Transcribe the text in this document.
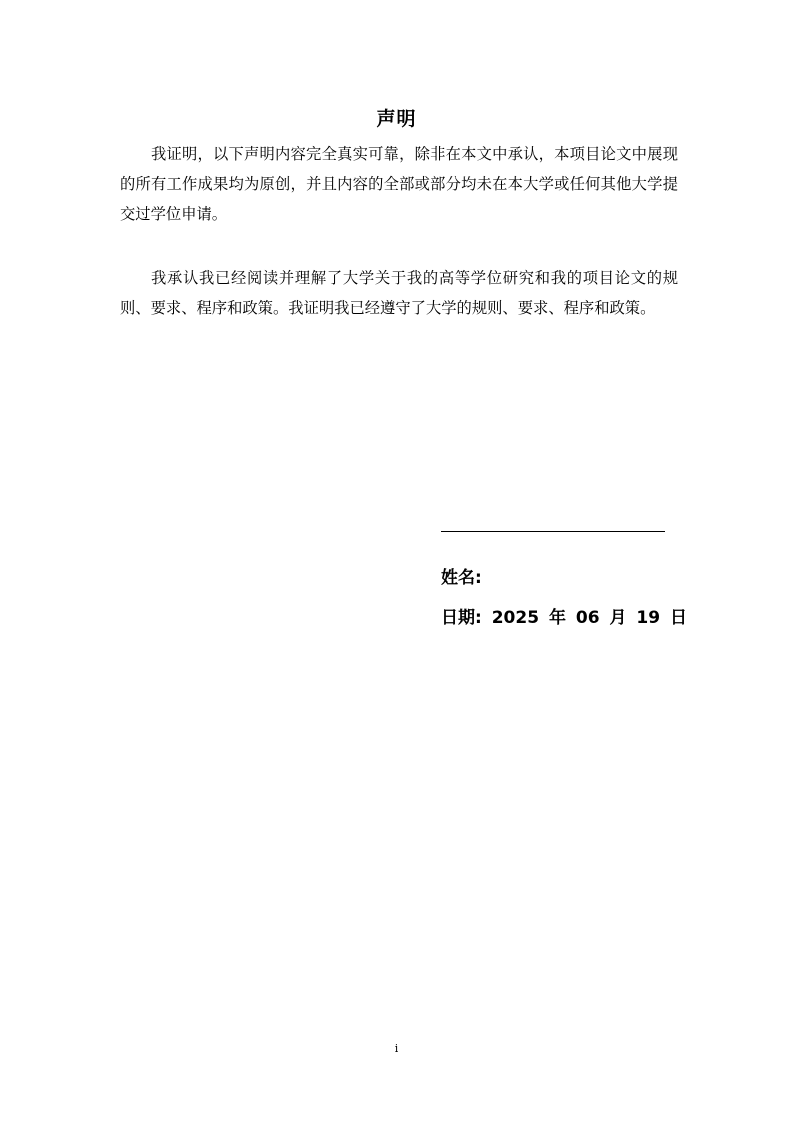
声明

我证明，以下声明内容完全真实可靠，除非在本文中承认，本项目论文中展现的所有工作成果均为原创，并且内容的全部或部分均未在本大学或任何其他大学提交过学位申请。

我承认我已经阅读并理解了大学关于我的高等学位研究和我的项目论文的规则、要求、程序和政策。我证明我已经遵守了大学的规则、要求、程序和政策。

姓名:
日期: 2025 年 06 月 19 日
i
